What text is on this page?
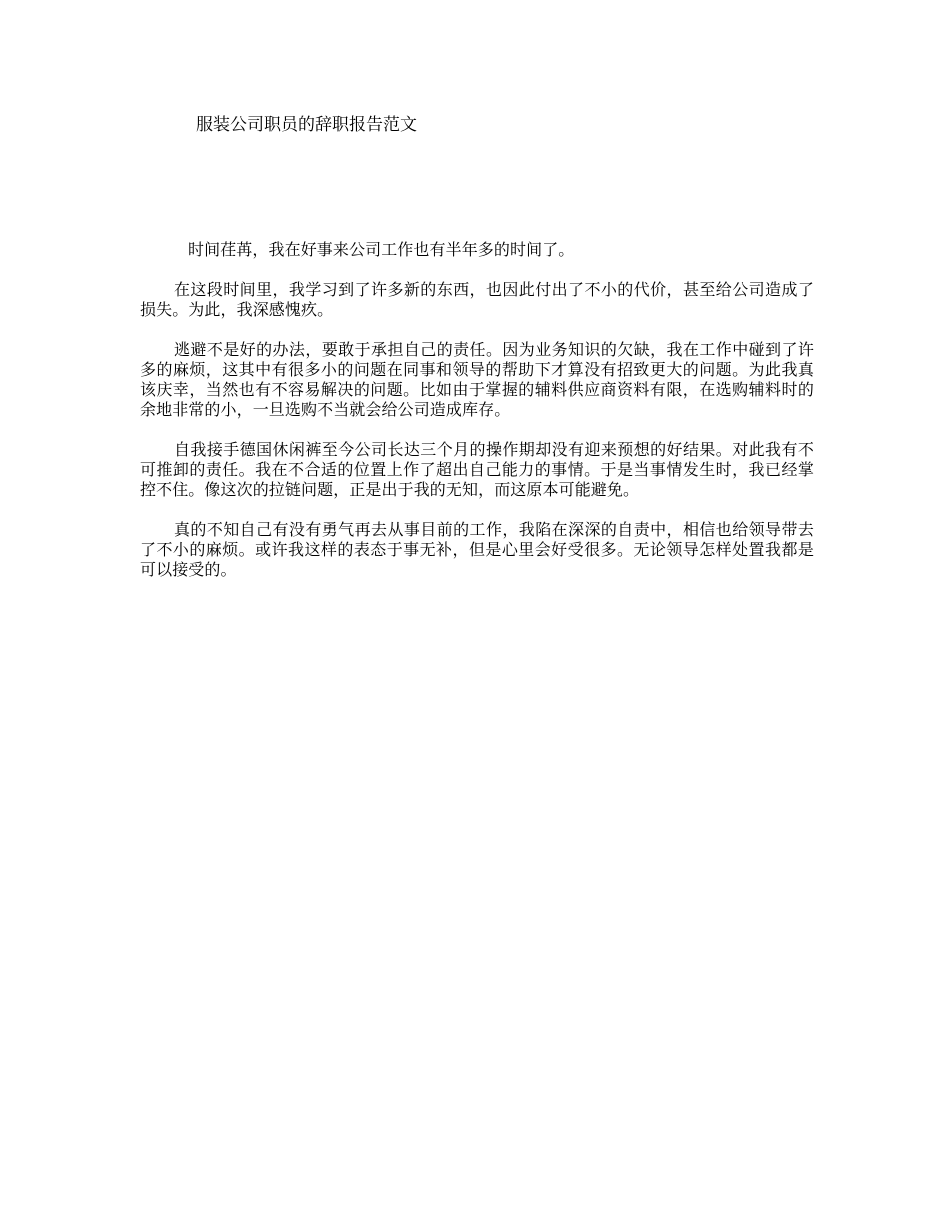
服装公司职员的辞职报告范文

时间荏苒，我在好事来公司工作也有半年多的时间了。

在这段时间里，我学习到了许多新的东西，也因此付出了不小的代价，甚至给公司造成了损失。为此，我深感愧疚。

逃避不是好的办法，要敢于承担自己的责任。因为业务知识的欠缺，我在工作中碰到了许多的麻烦，这其中有很多小的问题在同事和领导的帮助下才算没有招致更大的问题。为此我真该庆幸，当然也有不容易解决的问题。比如由于掌握的辅料供应商资料有限，在选购辅料时的余地非常的小，一旦选购不当就会给公司造成库存。

自我接手德国休闲裤至今公司长达三个月的操作期却没有迎来预想的好结果。对此我有不可推卸的责任。我在不合适的位置上作了超出自己能力的事情。于是当事情发生时，我已经掌控不住。像这次的拉链问题，正是出于我的无知，而这原本可能避免。

真的不知自己有没有勇气再去从事目前的工作，我陷在深深的自责中，相信也给领导带去了不小的麻烦。或许我这样的表态于事无补，但是心里会好受很多。无论领导怎样处置我都是可以接受的。
